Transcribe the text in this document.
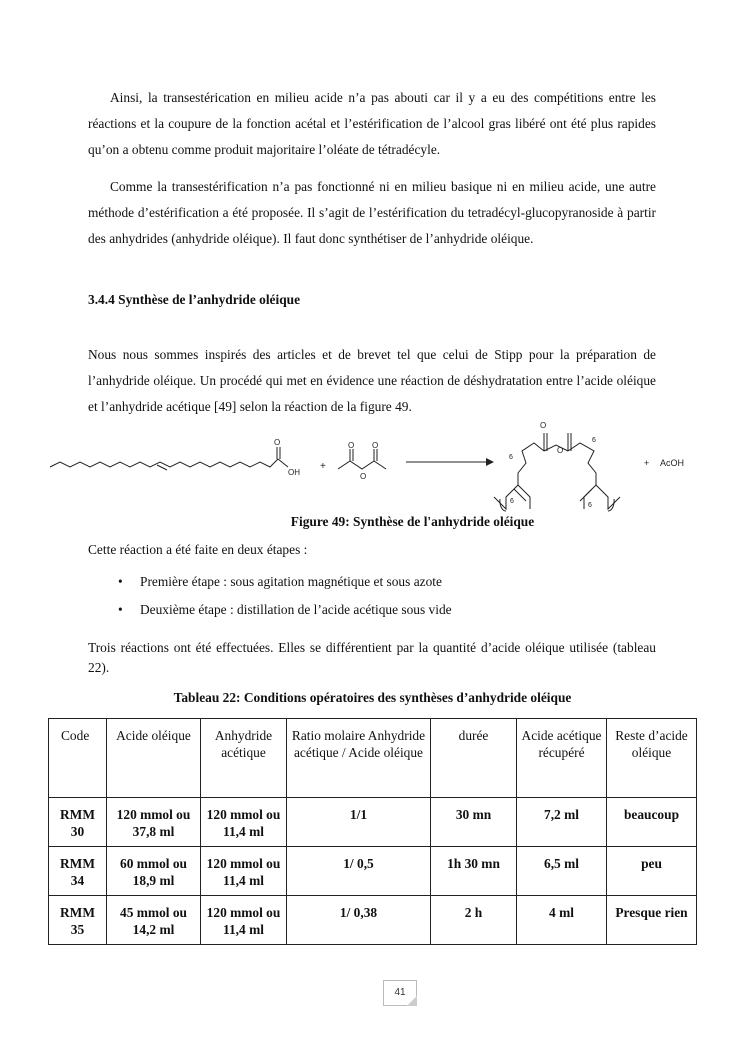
Ainsi, la transestérication en milieu acide n’a pas abouti car il y a eu des compétitions entre les réactions et la coupure de la fonction acétal et l’estérification de l’alcool gras libéré ont été plus rapides qu’on a obtenu comme produit majoritaire l’oléate de tétradécyle.

Comme la transestérification n’a pas fonctionné ni en milieu basique ni en milieu acide, une autre méthode d’estérification a été proposée. Il s’agit de l’estérification du tetradécyl-glucopyranoside à partir des anhydrides (anhydride oléique). Il faut donc synthétiser de l’anhydride oléique.

3.4.4 Synthèse de l’anhydride oléique

Nous nous sommes inspirés des articles et de brevet tel que celui de Stipp pour la préparation de l’anhydride oléique. Un procédé qui met en évidence une réaction de déshydratation entre l’acide oléique et l’anhydride acétique [49] selon la réaction de la figure 49.

O
OH
+
O O
O
O
O
6
6
6
6
+ AcOH

Figure 49: Synthèse de l'anhydride oléique

Cette réaction a été faite en deux étapes :

• Première étape : sous agitation magnétique et sous azote
• Deuxième étape : distillation de l’acide acétique sous vide

Trois réactions ont été effectuées. Elles se différentient par la quantité d’acide oléique utilisée (tableau 22).

Tableau 22: Conditions opératoires des synthèses d’anhydride oléique

Code	Acide oléique	Anhydride acétique	Ratio molaire Anhydride acétique / Acide oléique	durée	Acide acétique récupéré	Reste d’acide oléique
RMM 30	120 mmol ou 37,8 ml	120 mmol ou 11,4 ml	1/1	30 mn	7,2 ml	beaucoup
RMM 34	60 mmol ou 18,9 ml	120 mmol ou 11,4 ml	1/ 0,5	1h 30 mn	6,5 ml	peu
RMM 35	45 mmol ou 14,2 ml	120 mmol ou 11,4 ml	1/ 0,38	2 h	4 ml	Presque rien
41
